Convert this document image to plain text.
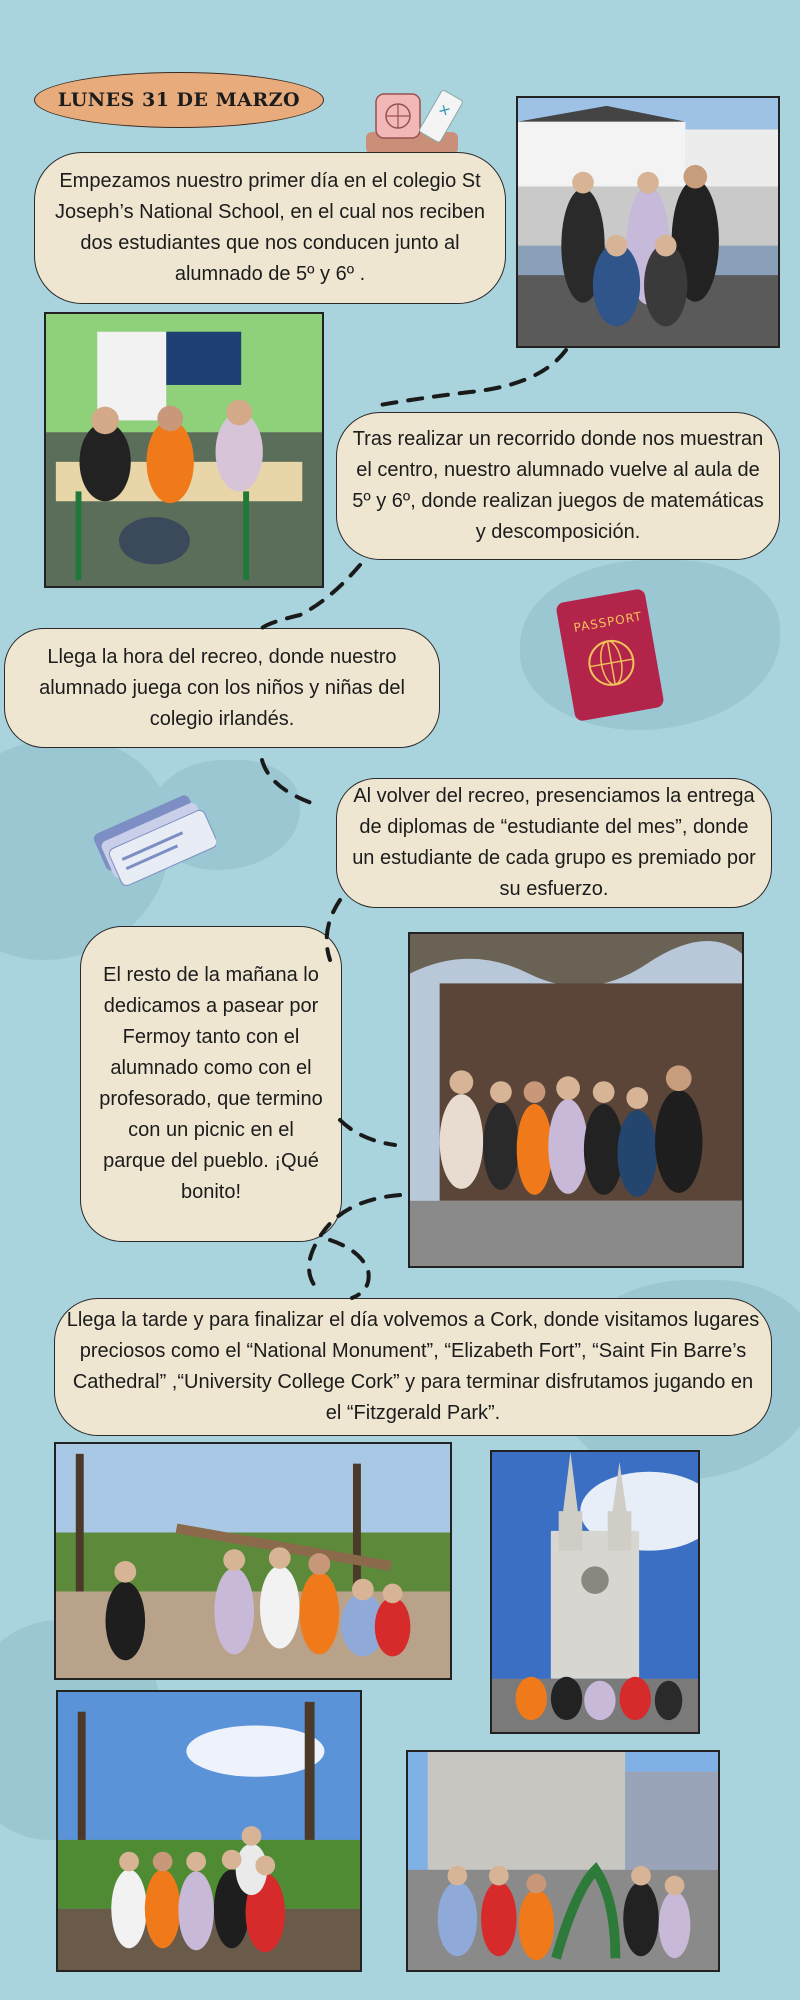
LUNES 31 DE MARZO
✕
Empezamos nuestro primer día en el colegio St Joseph’s National School, en el cual nos reciben dos estudiantes que nos conducen junto al alumnado de 5º y 6º .
Tras realizar un recorrido donde nos muestran el centro, nuestro alumnado vuelve al aula de 5º y 6º, donde realizan juegos de matemáticas y descomposición.
PASSPORT
Llega la hora del recreo, donde nuestro alumnado juega con los niños y niñas del colegio irlandés.
Al volver del recreo, presenciamos la entrega de diplomas de “estudiante del mes”, donde un estudiante de cada grupo es premiado por su esfuerzo.
El resto de la mañana lo dedicamos a pasear por Fermoy tanto con el alumnado como con el profesorado, que termino con un picnic en el parque del pueblo. ¡Qué bonito!
Llega la tarde y para finalizar el día volvemos a Cork, donde visitamos lugares preciosos como el “National Monument”, “Elizabeth Fort”, “Saint Fin Barre’s Cathedral” ,“University College Cork” y para terminar disfrutamos jugando en el “Fitzgerald Park”.
